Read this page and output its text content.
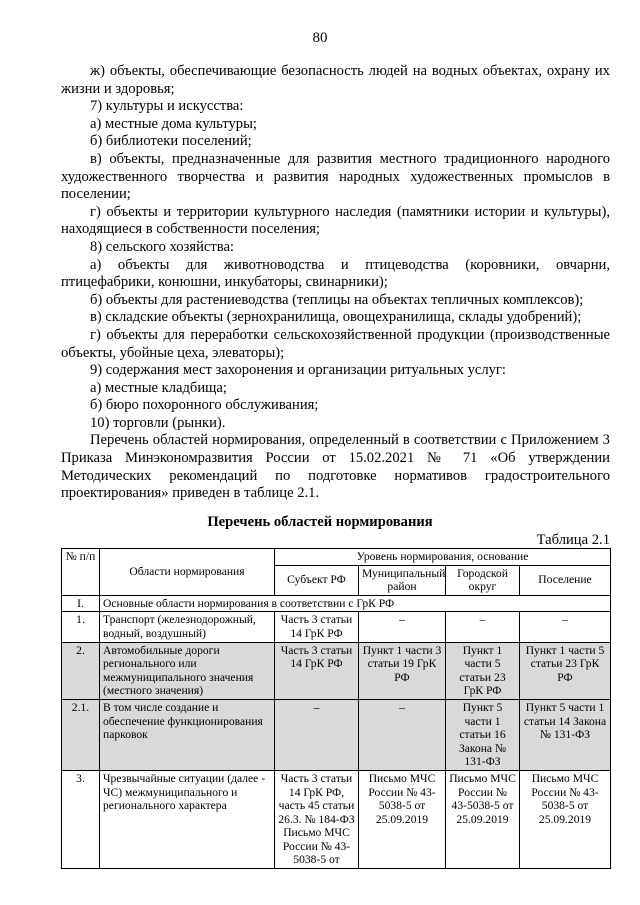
80

ж) объекты, обеспечивающие безопасность людей на водных объектах, охрану их жизни и здоровья;

7) культуры и искусства:

а) местные дома культуры;

б) библиотеки поселений;

в) объекты, предназначенные для развития местного традиционного народного художественного творчества и развития народных художественных промыслов в поселении;

г) объекты и территории культурного наследия (памятники истории и культуры), находящиеся в собственности поселения;

8) сельского хозяйства:

а) объекты для животноводства и птицеводства (коровники, овчарни, птицефабрики, конюшни, инкубаторы, свинарники);

б) объекты для растениеводства (теплицы на объектах тепличных комплексов);

в) складские объекты (зернохранилища, овощехранилища, склады удобрений);

г) объекты для переработки сельскохозяйственной продукции (производственные объекты, убойные цеха, элеваторы);

9) содержания мест захоронения и организации ритуальных услуг:

а) местные кладбища;

б) бюро похоронного обслуживания;

10) торговли (рынки).

Перечень областей нормирования, определенный в соответствии с Приложением 3 Приказа Минэкономразвития России от 15.02.2021 № 71 «Об утверждении Методических рекомендаций по подготовке нормативов градостроительного проектирования» приведен в таблице 2.1.

Перечень областей нормирования
Таблица 2.1
№ п/п	Области нормирования	Уровень нормирования, основание			
		Субъект РФ	Муниципальный район	Городской округ	Поселение
I.	Основные области нормирования в соответствии с ГрК РФ				
1.	Транспорт (железнодорожный, водный, воздушный)	Часть 3 статьи 14 ГрК РФ	–	–	–
2.	Автомобильные дороги регионального или межмуниципального значения (местного значения)	Часть 3 статьи 14 ГрК РФ	Пункт 1 части 3 статьи 19 ГрК РФ	Пункт 1 части 5 статьи 23 ГрК РФ	Пункт 1 части 5 статьи 23 ГрК РФ
2.1.	В том числе создание и обеспечение функционирования парковок	–	–	Пункт 5 части 1 статьи 16 Закона № 131-ФЗ	Пункт 5 части 1 статьи 14 Закона № 131-ФЗ
3.	Чрезвычайные ситуации (далее - ЧС) межмуниципального и регионального характера	Часть 3 статьи 14 ГрК РФ, часть 45 статьи 26.3. № 184-ФЗ Письмо МЧС России № 43-5038-5 от	Письмо МЧС России № 43-5038-5 от 25.09.2019	Письмо МЧС России № 43-5038-5 от 25.09.2019	Письмо МЧС России № 43-5038-5 от 25.09.2019
